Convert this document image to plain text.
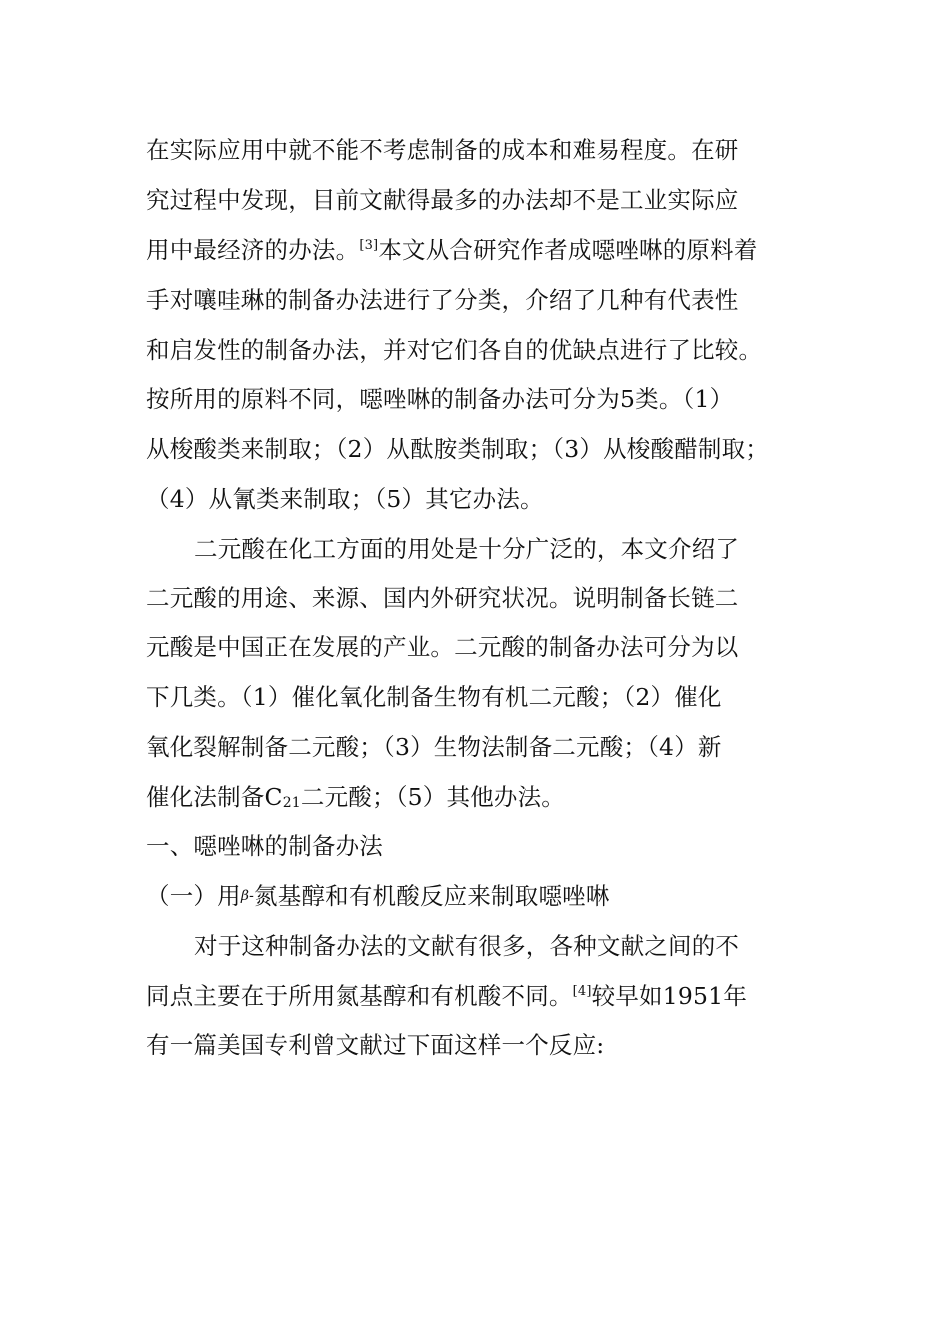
在实际应用中就不能不考虑制备的成本和难易程度。在研
究过程中发现，目前文献得最多的办法却不是工业实际应
用中最经济的办法。[3]本文从合研究作者成噁唑啉的原料着
手对嚷哇琳的制备办法进行了分类，介绍了几种有代表性
和启发性的制备办法，并对它们各自的优缺点进行了比较。
按所用的原料不同，噁唑啉的制备办法可分为5类。（1）
从梭酸类来制取；（2）从酞胺类制取；（3）从梭酸醋制取；
（4）从氰类来制取；（5）其它办法。
二元酸在化工方面的用处是十分广泛的，本文介绍了
二元酸的用途、来源、国内外研究状况。说明制备长链二
元酸是中国正在发展的产业。二元酸的制备办法可分为以
下几类。（1）催化氧化制备生物有机二元酸；（2）催化
氧化裂解制备二元酸；（3）生物法制备二元酸；（4）新
催化法制备$C_{21}$二元酸；（5）其他办法。
一、噁唑啉的制备办法
（一）用β-氮基醇和有机酸反应来制取噁唑啉
对于这种制备办法的文献有很多，各种文献之间的不
同点主要在于所用氮基醇和有机酸不同。[4]较早如1951年
有一篇美国专利曾文献过下面这样一个反应:
